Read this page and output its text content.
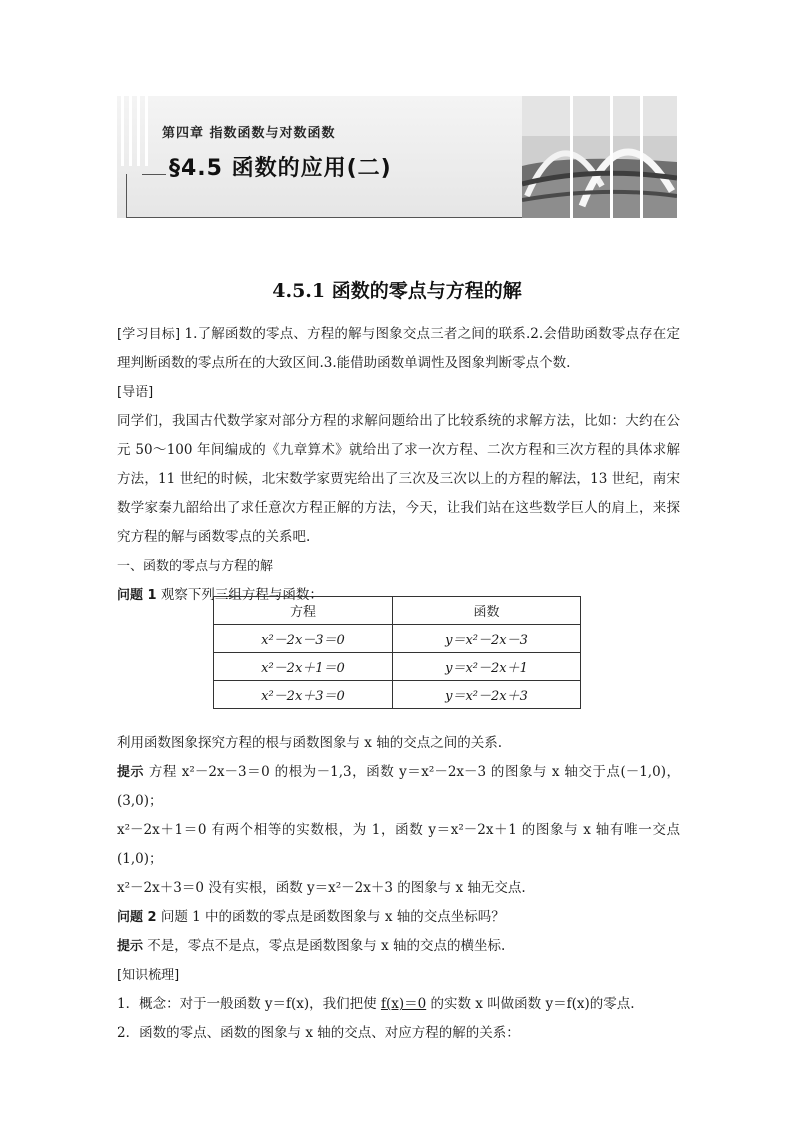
第四章 指数函数与对数函数
§4.5 函数的应用(二)
4.5.1 函数的零点与方程的解

[学习目标] 1.了解函数的零点、方程的解与图象交点三者之间的联系.2.会借助函数零点存在定理判断函数的零点所在的大致区间.3.能借助函数单调性及图象判断零点个数.

[导语]

同学们，我国古代数学家对部分方程的求解问题给出了比较系统的求解方法，比如：大约在公元 50～100 年间编成的《九章算术》就给出了求一次方程、二次方程和三次方程的具体求解方法，11 世纪的时候，北宋数学家贾宪给出了三次及三次以上的方程的解法，13 世纪，南宋数学家秦九韶给出了求任意次方程正解的方法，今天，让我们站在这些数学巨人的肩上，来探究方程的解与函数零点的关系吧.

一、函数的零点与方程的解

问题 1 观察下列三组方程与函数：

方程	函数
x²－2x－3＝0	y＝x²－2x－3
x²－2x＋1＝0	y＝x²－2x＋1
x²－2x＋3＝0	y＝x²－2x＋3

利用函数图象探究方程的根与函数图象与 x 轴的交点之间的关系.

提示 方程 x²－2x－3＝0 的根为－1,3，函数 y＝x²－2x－3 的图象与 x 轴交于点(－1,0)，(3,0)；

x²－2x＋1＝0 有两个相等的实数根，为 1，函数 y＝x²－2x＋1 的图象与 x 轴有唯一交点(1,0)；

x²－2x＋3＝0 没有实根，函数 y＝x²－2x＋3 的图象与 x 轴无交点.

问题 2 问题 1 中的函数的零点是函数图象与 x 轴的交点坐标吗？

提示 不是，零点不是点，零点是函数图象与 x 轴的交点的横坐标.

[知识梳理]

1．概念：对于一般函数 y＝f(x)，我们把使 f(x)＝0 的实数 x 叫做函数 y＝f(x)的零点.

2．函数的零点、函数的图象与 x 轴的交点、对应方程的解的关系：
